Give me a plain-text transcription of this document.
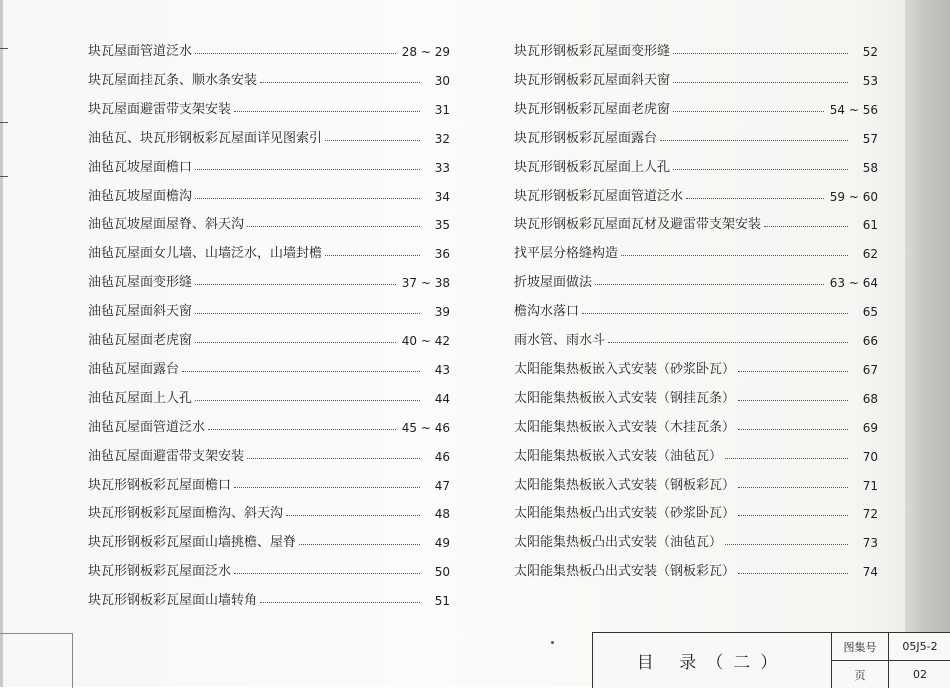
块瓦屋面管道泛水	28 ~ 29
块瓦屋面挂瓦条、顺水条安装	30
块瓦屋面避雷带支架安装	31
油毡瓦、块瓦形钢板彩瓦屋面详见图索引	32
油毡瓦坡屋面檐口	33
油毡瓦坡屋面檐沟	34
油毡瓦坡屋面屋脊、斜天沟	35
油毡瓦屋面女儿墙、山墙泛水，山墙封檐	36
油毡瓦屋面变形缝	37 ~ 38
油毡瓦屋面斜天窗	39
油毡瓦屋面老虎窗	40 ~ 42
油毡瓦屋面露台	43
油毡瓦屋面上人孔	44
油毡瓦屋面管道泛水	45 ~ 46
油毡瓦屋面避雷带支架安装	46
块瓦形钢板彩瓦屋面檐口	47
块瓦形钢板彩瓦屋面檐沟、斜天沟	48
块瓦形钢板彩瓦屋面山墙挑檐、屋脊	49
块瓦形钢板彩瓦屋面泛水	50
块瓦形钢板彩瓦屋面山墙转角	51
块瓦形钢板彩瓦屋面变形缝	52
块瓦形钢板彩瓦屋面斜天窗	53
块瓦形钢板彩瓦屋面老虎窗	54 ~ 56
块瓦形钢板彩瓦屋面露台	57
块瓦形钢板彩瓦屋面上人孔	58
块瓦形钢板彩瓦屋面管道泛水	59 ~ 60
块瓦形钢板彩瓦屋面瓦材及避雷带支架安装	61
找平层分格缝构造	62
折坡屋面做法	63 ~ 64
檐沟水落口	65
雨水管、雨水斗	66
太阳能集热板嵌入式安装（砂浆卧瓦）	67
太阳能集热板嵌入式安装（钢挂瓦条）	68
太阳能集热板嵌入式安装（木挂瓦条）	69
太阳能集热板嵌入式安装（油毡瓦）	70
太阳能集热板嵌入式安装（钢板彩瓦）	71
太阳能集热板凸出式安装（砂浆卧瓦）	72
太阳能集热板凸出式安装（油毡瓦）	73
太阳能集热板凸出式安装（钢板彩瓦）	74
目 录（二）
图集号	05J5-2
页	02
